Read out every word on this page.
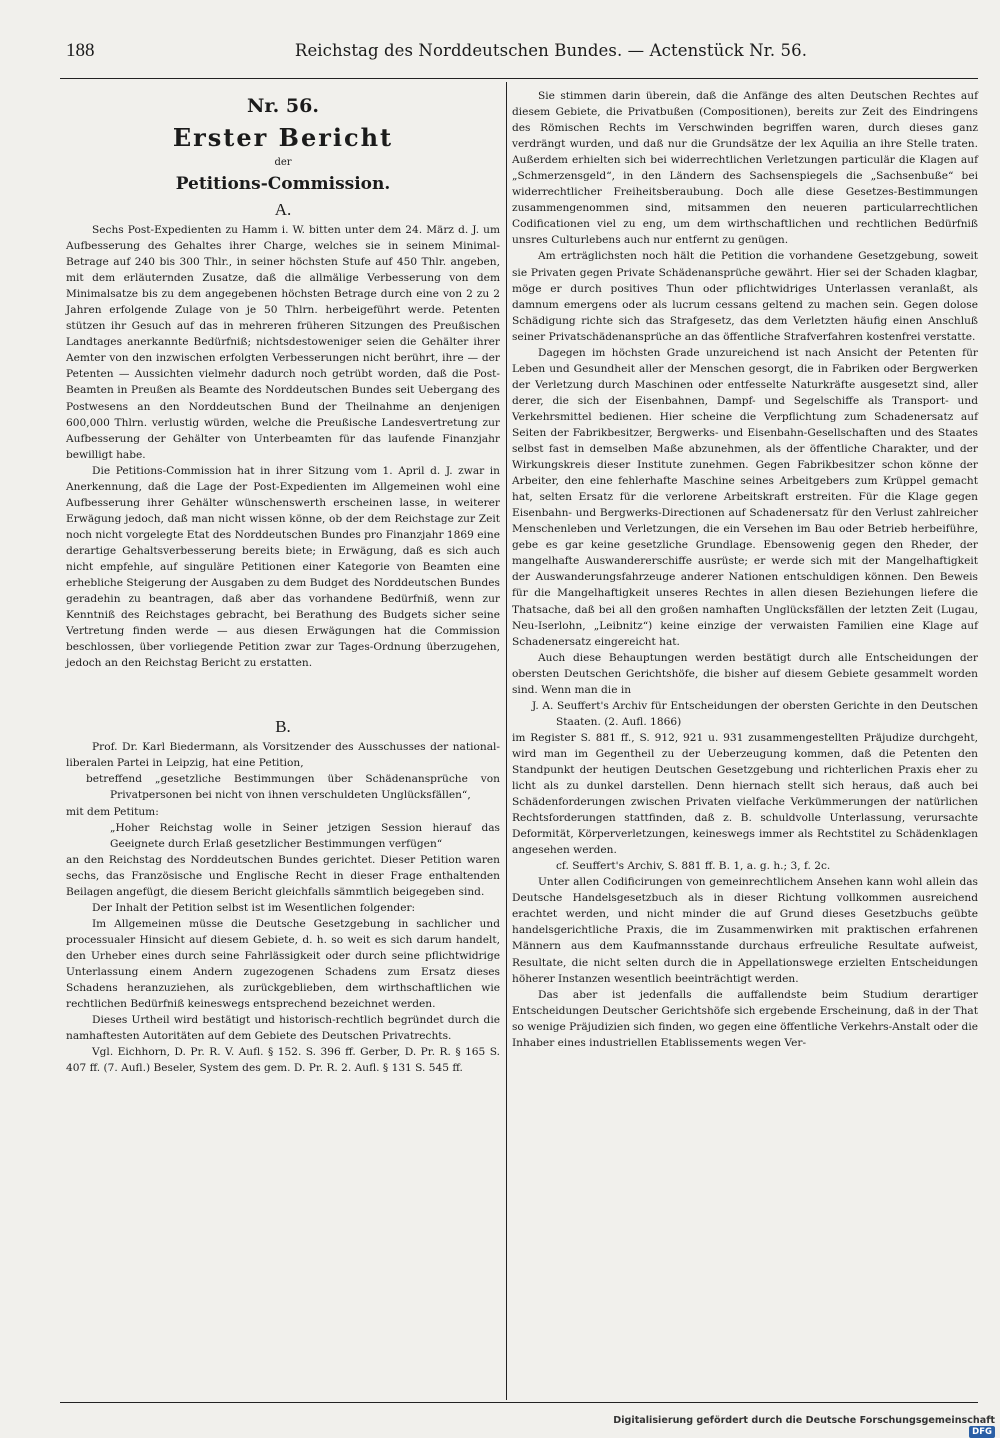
188	Reichstag des Norddeutschen Bundes. — Actenstück Nr. 56.
Nr. 56.
Erster Bericht
der
Petitions-Commission.
A.

Sechs Post-Expedienten zu Hamm i. W. bitten unter dem 24. März d. J. um Aufbesserung des Gehaltes ihrer Charge, welches sie in seinem Minimal-Betrage auf 240 bis 300 Thlr., in seiner höchsten Stufe auf 450 Thlr. angeben, mit dem erläuternden Zusatze, daß die allmälige Verbesserung von dem Minimalsatze bis zu dem angegebenen höchsten Betrage durch eine von 2 zu 2 Jahren erfolgende Zulage von je 50 Thlrn. herbeigeführt werde. Petenten stützen ihr Gesuch auf das in mehreren früheren Sitzungen des Preußischen Landtages anerkannte Bedürfniß; nichtsdestoweniger seien die Gehälter ihrer Aemter von den inzwischen erfolgten Verbesserungen nicht berührt, ihre — der Petenten — Aussichten vielmehr dadurch noch getrübt worden, daß die Post-Beamten in Preußen als Beamte des Norddeutschen Bundes seit Uebergang des Postwesens an den Norddeutschen Bund der Theilnahme an denjenigen 600,000 Thlrn. verlustig würden, welche die Preußische Landesvertretung zur Aufbesserung der Gehälter von Unterbeamten für das laufende Finanzjahr bewilligt habe.

Die Petitions-Commission hat in ihrer Sitzung vom 1. April d. J. zwar in Anerkennung, daß die Lage der Post-Expedienten im Allgemeinen wohl eine Aufbesserung ihrer Gehälter wünschenswerth erscheinen lasse, in weiterer Erwägung jedoch, daß man nicht wissen könne, ob der dem Reichstage zur Zeit noch nicht vorgelegte Etat des Norddeutschen Bundes pro Finanzjahr 1869 eine derartige Gehaltsverbesserung bereits biete; in Erwägung, daß es sich auch nicht empfehle, auf singuläre Petitionen einer Kategorie von Beamten eine erhebliche Steigerung der Ausgaben zu dem Budget des Norddeutschen Bundes geradehin zu beantragen, daß aber das vorhandene Bedürfniß, wenn zur Kenntniß des Reichstages gebracht, bei Berathung des Budgets sicher seine Vertretung finden werde — aus diesen Erwägungen hat die Commission beschlossen, über vorliegende Petition zwar zur Tages-Ordnung überzugehen, jedoch an den Reichstag Bericht zu erstatten.

B.

Prof. Dr. Karl Biedermann, als Vorsitzender des Ausschusses der national-liberalen Partei in Leipzig, hat eine Petition,

betreffend „gesetzliche Bestimmungen über Schädenansprüche von Privatpersonen bei nicht von ihnen verschuldeten Unglücksfällen“,

mit dem Petitum:

„Hoher Reichstag wolle in Seiner jetzigen Session hierauf das Geeignete durch Erlaß gesetzlicher Bestimmungen verfügen“

an den Reichstag des Norddeutschen Bundes gerichtet. Dieser Petition waren sechs, das Französische und Englische Recht in dieser Frage enthaltenden Beilagen angefügt, die diesem Bericht gleichfalls sämmtlich beigegeben sind.

Der Inhalt der Petition selbst ist im Wesentlichen folgender:

Im Allgemeinen müsse die Deutsche Gesetzgebung in sachlicher und processualer Hinsicht auf diesem Gebiete, d. h. so weit es sich darum handelt, den Urheber eines durch seine Fahrlässigkeit oder durch seine pflichtwidrige Unterlassung einem Andern zugezogenen Schadens zum Ersatz dieses Schadens heranzuziehen, als zurückgeblieben, dem wirthschaftlichen wie rechtlichen Bedürfniß keineswegs entsprechend bezeichnet werden.

Dieses Urtheil wird bestätigt und historisch-rechtlich begründet durch die namhaftesten Autoritäten auf dem Gebiete des Deutschen Privatrechts.

Vgl. Eichhorn, D. Pr. R. V. Aufl. § 152. S. 396 ff. Gerber, D. Pr. R. § 165 S. 407 ff. (7. Aufl.) Beseler, System des gem. D. Pr. R. 2. Aufl. § 131 S. 545 ff.

Sie stimmen darin überein, daß die Anfänge des alten Deutschen Rechtes auf diesem Gebiete, die Privatbußen (Compositionen), bereits zur Zeit des Eindringens des Römischen Rechts im Verschwinden begriffen waren, durch dieses ganz verdrängt wurden, und daß nur die Grundsätze der lex Aquilia an ihre Stelle traten. Außerdem erhielten sich bei widerrechtlichen Verletzungen particulär die Klagen auf „Schmerzensgeld“, in den Ländern des Sachsenspiegels die „Sachsenbuße“ bei widerrechtlicher Freiheitsberaubung. Doch alle diese Gesetzes-Bestimmungen zusammengenommen sind, mitsammen den neueren particularrechtlichen Codificationen viel zu eng, um dem wirthschaftlichen und rechtlichen Bedürfniß unsres Culturlebens auch nur entfernt zu genügen.

Am erträglichsten noch hält die Petition die vorhandene Gesetzgebung, soweit sie Privaten gegen Private Schädenansprüche gewährt. Hier sei der Schaden klagbar, möge er durch positives Thun oder pflichtwidriges Unterlassen veranlaßt, als damnum emergens oder als lucrum cessans geltend zu machen sein. Gegen dolose Schädigung richte sich das Strafgesetz, das dem Verletzten häufig einen Anschluß seiner Privatschädenansprüche an das öffentliche Strafverfahren kostenfrei verstatte.

Dagegen im höchsten Grade unzureichend ist nach Ansicht der Petenten für Leben und Gesundheit aller der Menschen gesorgt, die in Fabriken oder Bergwerken der Verletzung durch Maschinen oder entfesselte Naturkräfte ausgesetzt sind, aller derer, die sich der Eisenbahnen, Dampf- und Segelschiffe als Transport- und Verkehrsmittel bedienen. Hier scheine die Verpflichtung zum Schadenersatz auf Seiten der Fabrikbesitzer, Bergwerks- und Eisenbahn-Gesellschaften und des Staates selbst fast in demselben Maße abzunehmen, als der öffentliche Charakter, und der Wirkungskreis dieser Institute zunehmen. Gegen Fabrikbesitzer schon könne der Arbeiter, den eine fehlerhafte Maschine seines Arbeitgebers zum Krüppel gemacht hat, selten Ersatz für die verlorene Arbeitskraft erstreiten. Für die Klage gegen Eisenbahn- und Bergwerks-Directionen auf Schadenersatz für den Verlust zahlreicher Menschenleben und Verletzungen, die ein Versehen im Bau oder Betrieb herbeiführe, gebe es gar keine gesetzliche Grundlage. Ebensowenig gegen den Rheder, der mangelhafte Auswandererschiffe ausrüste; er werde sich mit der Mangelhaftigkeit der Auswanderungsfahrzeuge anderer Nationen entschuldigen können. Den Beweis für die Mangelhaftigkeit unseres Rechtes in allen diesen Beziehungen liefere die Thatsache, daß bei all den großen namhaften Unglücksfällen der letzten Zeit (Lugau, Neu-Iserlohn, „Leibnitz“) keine einzige der verwaisten Familien eine Klage auf Schadenersatz eingereicht hat.

Auch diese Behauptungen werden bestätigt durch alle Entscheidungen der obersten Deutschen Gerichtshöfe, die bisher auf diesem Gebiete gesammelt worden sind. Wenn man die in

J. A. Seuffert's Archiv für Entscheidungen der obersten Gerichte in den Deutschen Staaten. (2. Aufl. 1866)

im Register S. 881 ff., S. 912, 921 u. 931 zusammengestellten Präjudize durchgeht, wird man im Gegentheil zu der Ueberzeugung kommen, daß die Petenten den Standpunkt der heutigen Deutschen Gesetzgebung und richterlichen Praxis eher zu licht als zu dunkel darstellen. Denn hiernach stellt sich heraus, daß auch bei Schädenforderungen zwischen Privaten vielfache Verkümmerungen der natürlichen Rechtsforderungen stattfinden, daß z. B. schuldvolle Unterlassung, verursachte Deformität, Körperverletzungen, keineswegs immer als Rechtstitel zu Schädenklagen angesehen werden.

cf. Seuffert's Archiv, S. 881 ff. B. 1, a. g. h.; 3, f. 2c.

Unter allen Codificirungen von gemeinrechtlichem Ansehen kann wohl allein das Deutsche Handelsgesetzbuch als in dieser Richtung vollkommen ausreichend erachtet werden, und nicht minder die auf Grund dieses Gesetzbuchs geübte handelsgerichtliche Praxis, die im Zusammenwirken mit praktischen erfahrenen Männern aus dem Kaufmannsstande durchaus erfreuliche Resultate aufweist, Resultate, die nicht selten durch die in Appellationswege erzielten Entscheidungen höherer Instanzen wesentlich beeinträchtigt werden.

Das aber ist jedenfalls die auffallendste beim Studium derartiger Entscheidungen Deutscher Gerichtshöfe sich ergebende Erscheinung, daß in der That so wenige Präjudizien sich finden, wo gegen eine öffentliche Verkehrs-Anstalt oder die Inhaber eines industriellen Etablissements wegen Ver-

Digitalisierung gefördert durch die Deutsche Forschungsgemeinschaft DFG
